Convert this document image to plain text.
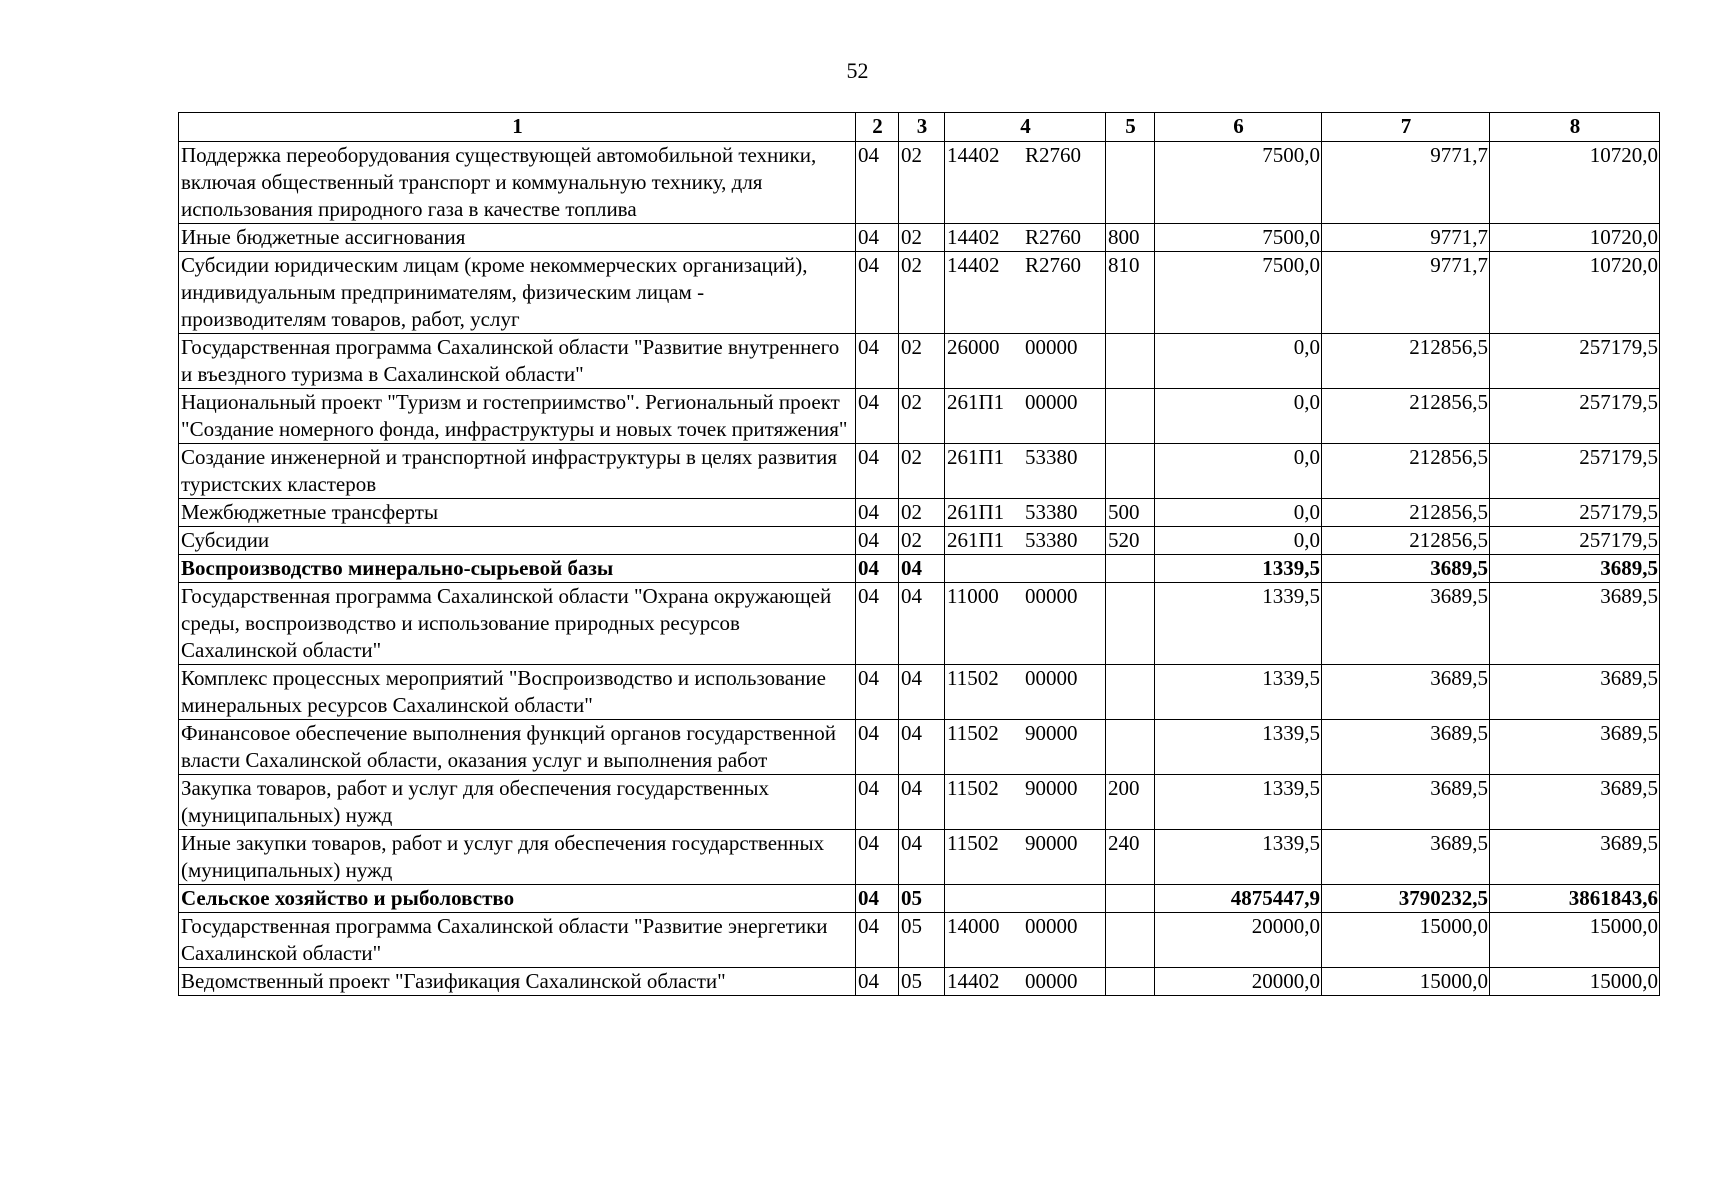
52
1	2	3	4	5	6	7	8
Поддержка переоборудования существующей автомобильной техники, включая общественный транспорт и коммунальную технику, для использования природного газа в качестве топлива	04	02	14402 R2760		7500,0	9771,7	10720,0
Иные бюджетные ассигнования	04	02	14402 R2760	800	7500,0	9771,7	10720,0
Субсидии юридическим лицам (кроме некоммерческих организаций), индивидуальным предпринимателям, физическим лицам - производителям товаров, работ, услуг	04	02	14402 R2760	810	7500,0	9771,7	10720,0
Государственная программа Сахалинской области "Развитие внутреннего и въездного туризма в Сахалинской области"	04	02	26000 00000		0,0	212856,5	257179,5
Национальный проект "Туризм и гостеприимство". Региональный проект "Создание номерного фонда, инфраструктуры и новых точек притяжения"	04	02	261П1 00000		0,0	212856,5	257179,5
Создание инженерной и транспортной инфраструктуры в целях развития туристских кластеров	04	02	261П1 53380		0,0	212856,5	257179,5
Межбюджетные трансферты	04	02	261П1 53380	500	0,0	212856,5	257179,5
Субсидии	04	02	261П1 53380	520	0,0	212856,5	257179,5
Воспроизводство минерально-сырьевой базы	04	04			1339,5	3689,5	3689,5
Государственная программа Сахалинской области "Охрана окружающей среды, воспроизводство и использование природных ресурсов Сахалинской области"	04	04	11000 00000		1339,5	3689,5	3689,5
Комплекс процессных мероприятий "Воспроизводство и использование минеральных ресурсов Сахалинской области"	04	04	11502 00000		1339,5	3689,5	3689,5
Финансовое обеспечение выполнения функций органов государственной власти Сахалинской области, оказания услуг и выполнения работ	04	04	11502 90000		1339,5	3689,5	3689,5
Закупка товаров, работ и услуг для обеспечения государственных (муниципальных) нужд	04	04	11502 90000	200	1339,5	3689,5	3689,5
Иные закупки товаров, работ и услуг для обеспечения государственных (муниципальных) нужд	04	04	11502 90000	240	1339,5	3689,5	3689,5
Сельское хозяйство и рыболовство	04	05			4875447,9	3790232,5	3861843,6
Государственная программа Сахалинской области "Развитие энергетики Сахалинской области"	04	05	14000 00000		20000,0	15000,0	15000,0
Ведомственный проект "Газификация Сахалинской области"	04	05	14402 00000		20000,0	15000,0	15000,0
